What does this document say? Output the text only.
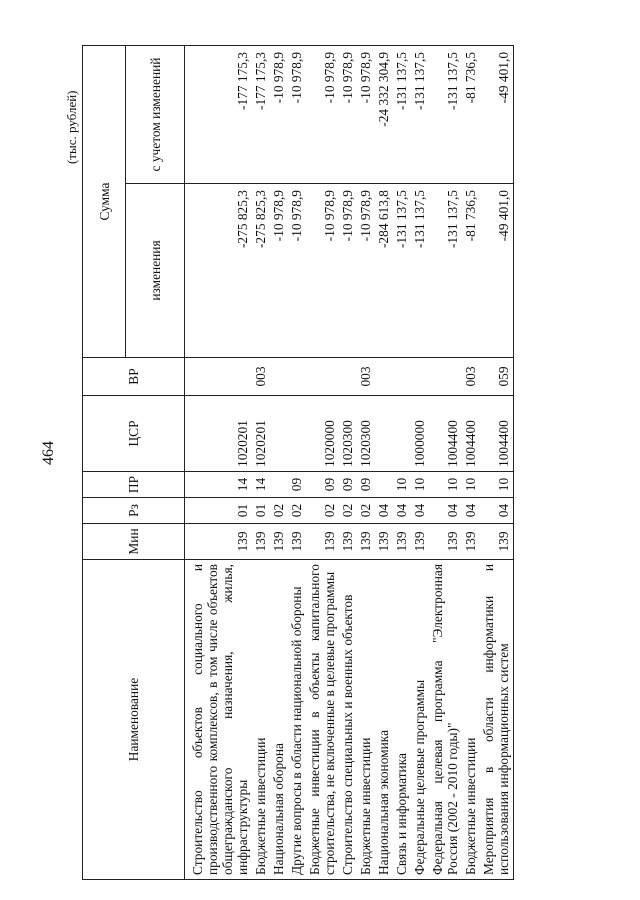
464
(тыс. рублей)
Наименование	Мин	Рз	ПР	ЦСР	ВР	Сумма	
						изменения	с учетом изменений

Строительство объектов социального и производственного комплексов, в том числе объектов общегражданского назначения, жилья, инфраструктуры	139	01	14	1020201		-275 825,3	-177 175,3
Бюджетные инвестиции	139	01	14	1020201	003	-275 825,3	-177 175,3
Национальная оборона	139	02				-10 978,9	-10 978,9
Другие вопросы в области национальной обороны	139	02	09			-10 978,9	-10 978,9
Бюджетные инвестиции в объекты капитального строительства, не включенные в целевые программы	139	02	09	1020000		-10 978,9	-10 978,9
Строительство специальных и военных объектов	139	02	09	1020300		-10 978,9	-10 978,9
Бюджетные инвестиции	139	02	09	1020300	003	-10 978,9	-10 978,9
Национальная экономика	139	04				-284 613,8	-24 332 304,9
Связь и информатика	139	04	10			-131 137,5	-131 137,5
Федеральные целевые программы	139	04	10	1000000		-131 137,5	-131 137,5
Федеральная целевая программа "Электронная Россия (2002 - 2010 годы)"	139	04	10	1004400		-131 137,5	-131 137,5
Бюджетные инвестиции	139	04	10	1004400	003	-81 736,5	-81 736,5
Мероприятия в области информатики и использования информационных систем	139	04	10	1004400	059	-49 401,0	-49 401,0
